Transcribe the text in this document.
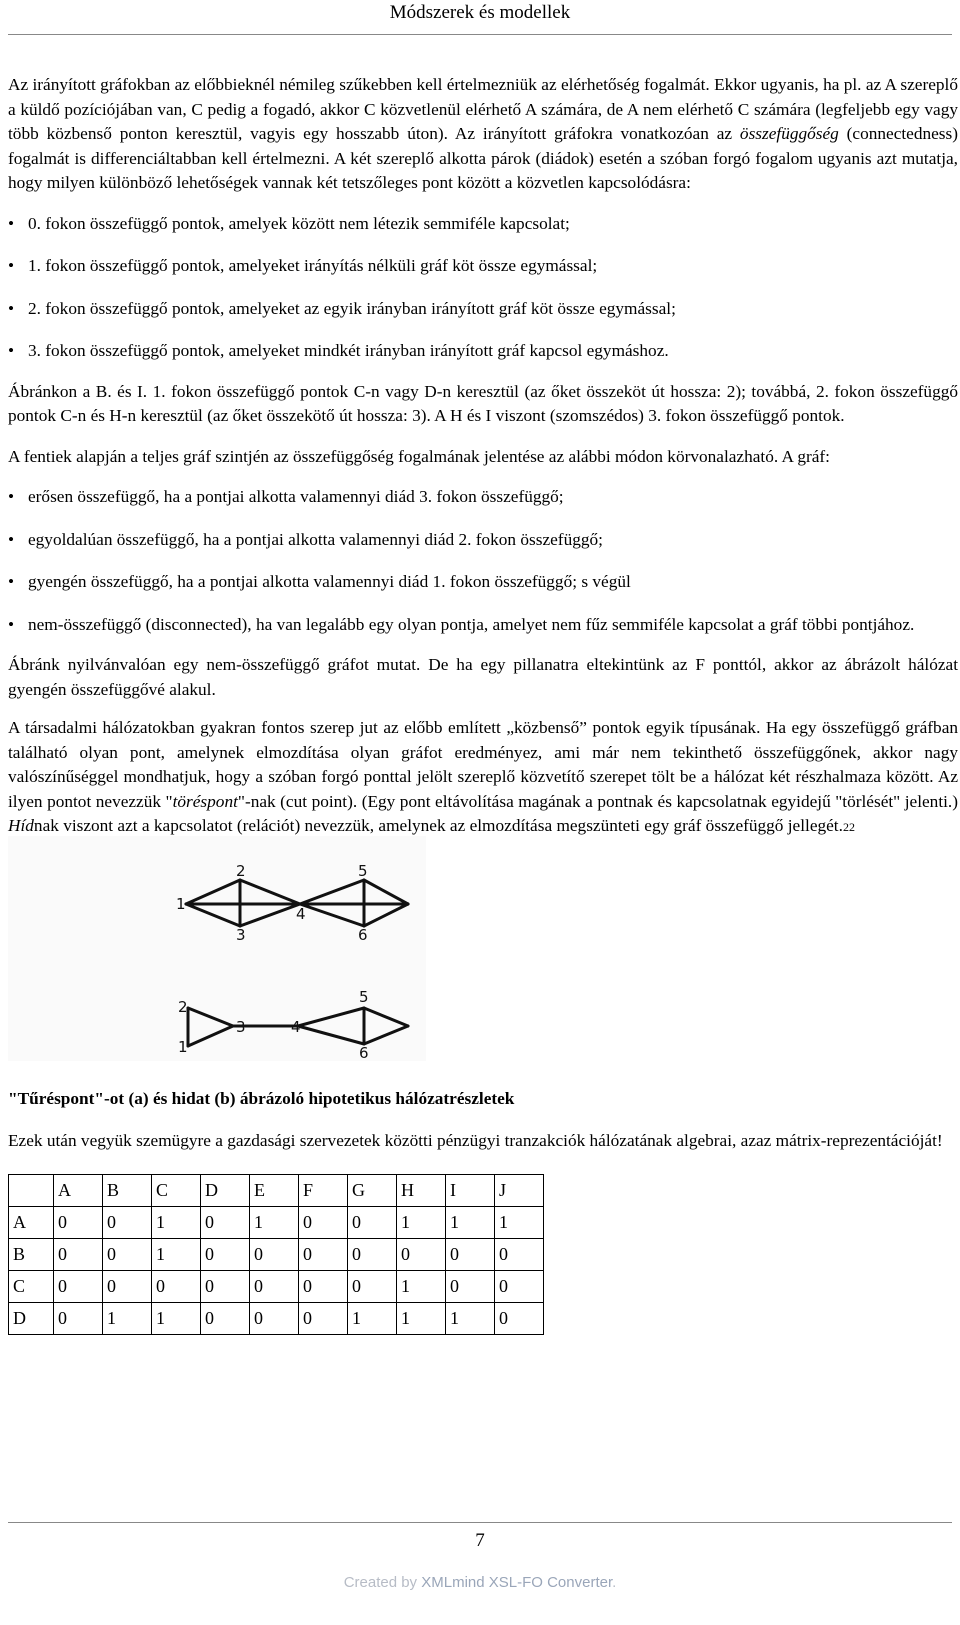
Módszerek és modellek

Az irányított gráfokban az előbbieknél némileg szűkebben kell értelmezniük az elérhetőség fogalmát. Ekkor ugyanis, ha pl. az A szereplő a küldő pozíciójában van, C pedig a fogadó, akkor C közvetlenül elérhető A számára, de A nem elérhető C számára (legfeljebb egy vagy több közbenső ponton keresztül, vagyis egy hosszabb úton). Az irányított gráfokra vonatkozóan az összefüggőség (connectedness) fogalmát is differenciáltabban kell értelmezni. A két szereplő alkotta párok (diádok) esetén a szóban forgó fogalom ugyanis azt mutatja, hogy milyen különböző lehetőségek vannak két tetszőleges pont között a közvetlen kapcsolódásra:

• 0. fokon összefüggő pontok, amelyek között nem létezik semmiféle kapcsolat;
• 1. fokon összefüggő pontok, amelyeket irányítás nélküli gráf köt össze egymással;
• 2. fokon összefüggő pontok, amelyeket az egyik irányban irányított gráf köt össze egymással;
• 3. fokon összefüggő pontok, amelyeket mindkét irányban irányított gráf kapcsol egymáshoz.

Ábránkon a B. és I. 1. fokon összefüggő pontok C-n vagy D-n keresztül (az őket összeköt út hossza: 2); továbbá, 2. fokon összefüggő pontok C-n és H-n keresztül (az őket összekötő út hossza: 3). A H és I viszont (szomszédos) 3. fokon összefüggő pontok.

A fentiek alapján a teljes gráf szintjén az összefüggőség fogalmának jelentése az alábbi módon körvonalazható. A gráf:

• erősen összefüggő, ha a pontjai alkotta valamennyi diád 3. fokon összefüggő;
• egyoldalúan összefüggő, ha a pontjai alkotta valamennyi diád 2. fokon összefüggő;
• gyengén összefüggő, ha a pontjai alkotta valamennyi diád 1. fokon összefüggő; s végül
• nem-összefüggő (disconnected), ha van legalább egy olyan pontja, amelyet nem fűz semmiféle kapcsolat a gráf többi pontjához.

Ábránk nyilvánvalóan egy nem-összefüggő gráfot mutat. De ha egy pillanatra eltekintünk az F ponttól, akkor az ábrázolt hálózat gyengén összefüggővé alakul.

A társadalmi hálózatokban gyakran fontos szerep jut az előbb említett „közbenső” pontok egyik típusának. Ha egy összefüggő gráfban található olyan pont, amelynek elmozdítása olyan gráfot eredményez, ami már nem tekinthető összefüggőnek, akkor nagy valószínűséggel mondhatjuk, hogy a szóban forgó ponttal jelölt szereplő közvetítő szerepet tölt be a hálózat két részhalmaza között. Az ilyen pontot nevezzük "töréspont"-nak (cut point). (Egy pont eltávolítása magának a pontnak és kapcsolatnak egyidejű "törlését" jelenti.) Hídnak viszont azt a kapcsolatot (relációt) nevezzük, amelynek az elmozdítása megszünteti egy gráf összefüggő jellegét.22

1
2
3
4
5
6
1
2
3	4
5
6
"Tűréspont"-ot (a) és hidat (b) ábrázoló hipotetikus hálózatrészletek

Ezek után vegyük szemügyre a gazdasági szervezetek közötti pénzügyi tranzakciók hálózatának algebrai, azaz mátrix-reprezentációját!

	A	B	C	D	E	F	G	H	I	J
A	0	0	1	0	1	0	0	1	1	1
B	0	0	1	0	0	0	0	0	0	0
C	0	0	0	0	0	0	0	1	0	0
D	0	1	1	0	0	0	1	1	1	0
7
Created by XMLmind XSL-FO Converter.
